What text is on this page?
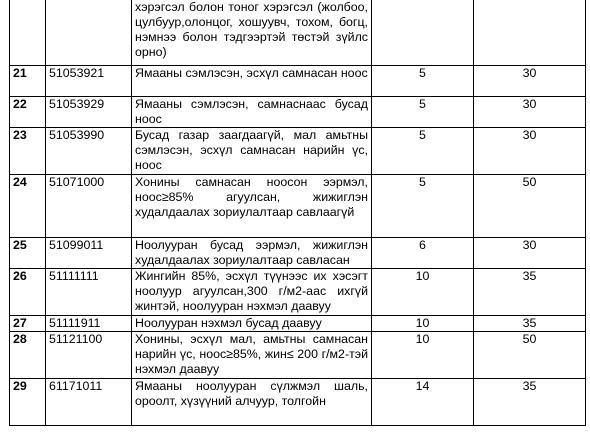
		хэрэгсэл болон тоног хэрэгсэл (жолбоо, цулбуур,олонцог, хошуувч, тохом, богц, нэмнээ болон тэдгээртэй төстэй зүйлс орно)		
21	51053921	Ямааны сэмлэсэн, эсхүл самнасан ноос	5	30
22	51053929	Ямааны сэмлэсэн, самнаснаас бусад ноос	5	30
23	51053990	Бусад газар заагдаагүй, мал амьтны сэмлэсэн, эсхүл самнасан нарийн үс, ноос	5	30
24	51071000	Хонины самнасан ноосон ээрмэл, ноос≥85% агуулсан, жижиглэн худалдаалах зориулалтаар савлаагүй	5	50
25	51099011	Ноолууран бусад ээрмэл, жижиглэн худалдаалах зориулалтаар савласан	6	30
26	51111111	Жингийн 85%, эсхүл түүнээс их хэсэгт ноолуур агуулсан,300 г/м2-аас ихгүй жинтэй, ноолууран нэхмэл даавуу	10	35
27	51111911	Ноолууран нэхмэл бусад даавуу	10	35
28	51121100	Хонины, эсхүл мал, амьтны самнасан нарийн үс, ноос≥85%, жин≤ 200 г/м2-тэй нэхмэл даавуу	10	50
29	61171011	Ямааны ноолууран сүлжмэл шаль, ороолт, хүзүүний алчуур, толгойн	14	35
